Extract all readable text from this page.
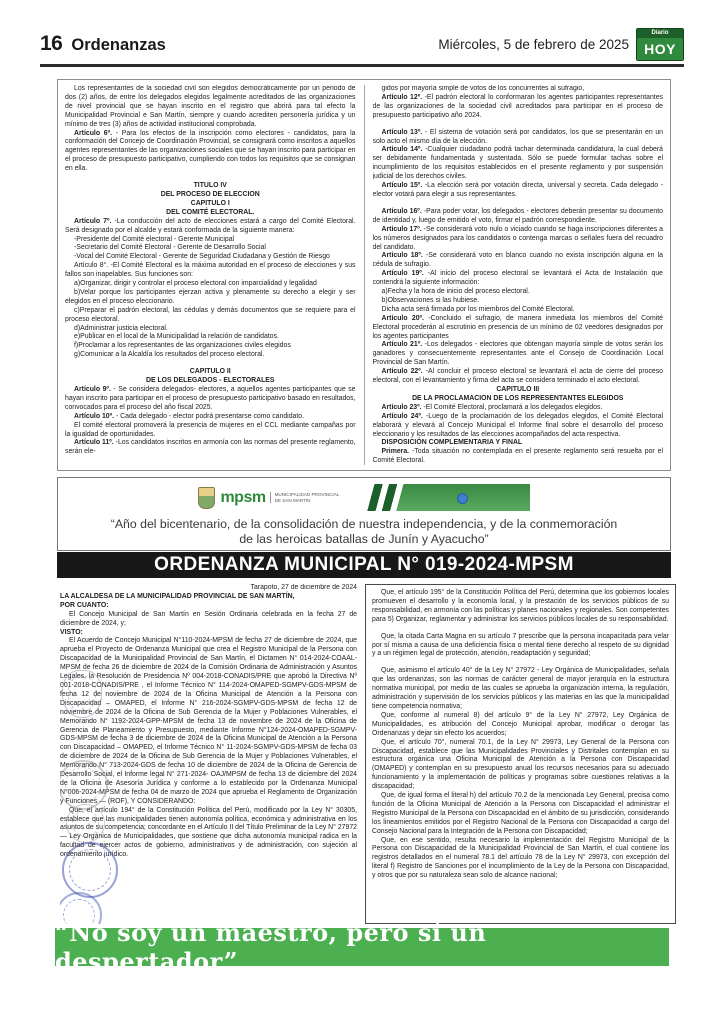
16 Ordenanzas	Miércoles, 5 de febrero de 2025
Diario
HOY

Los representantes de la sociedad civil son elegidos democráticamente por un periodo de dos (2) años, de entre los delegados elegidos legalmente acreditados de las organizaciones de nivel provincial que se hayan inscrito en el registro que abrirá para tal efecto la Municipalidad Provincial e San Martín, siempre y cuando acrediten personería jurídica y un mínimo de tres (3) años de actividad institucional comprobada.

Artículo 6º. - Para los efectos de la inscripción como electores - candidatos, para la conformación del Concejo de Coordinación Provincial, se consignará como inscritos a aquellos agentes representantes de las organizaciones sociales que se hayan inscrito para participar en el proceso de presupuesto participativo, cumpliendo con todos los requisitos que se consignan en ella.

TITULO IV

DEL PROCESO DE ELECCION

CAPITULO I

DEL COMITÉ ELECTORAL.

Artículo 7º. -La conducción del acto de elecciones estará a cargo del Comité Electoral. Será designado por el alcalde y estará conformada de la siguiente manera:

-Presidente del Comité electoral - Gerente Municipal

-Secretario del Comité Electoral - Gerente de Desarrollo Social

-Vocal del Comité Electoral - Gerente de Seguridad Ciudadana y Gestión de Riesgo

Artículo 8°. -El Comité Electoral es la máxima autoridad en el proceso de elecciones y sus fallos son inapelables. Sus funciones son:

a)Organizar, dirigir y controlar el proceso electoral con imparcialidad y legalidad

b)Velar porque los participantes ejerzan activa y plenamente su derecho a elegir y ser elegidos en el proceso eleccionario.

c)Preparar el padrón electoral, las cédulas y demás documentos que se requiere para el proceso electoral.

d)Administrar justicia electoral.

e)Publicar en el local de la Municipalidad la relación de candidatos.

f)Proclamar a los representantes de las organizaciones civiles elegidos

g)Comunicar a la Alcaldía los resultados del proceso electoral.

CAPITULO II

DE LOS DELEGADOS - ELECTORALES

Artículo 9º. - Se considera delegados- electores, a aquellos agentes participantes que se hayan inscrito para participar en el proceso de presupuesto participativo basado en resultados, convocados para el proceso del año fiscal 2025.

Artículo 10º. - Cada delegado - elector podrá presentarse como candidato.

El comité electoral promoverá la presencia de mujeres en el CCL mediante campañas por la igualdad de oportunidades.

Artículo 11º. -Los candidatos inscritos en armonía con las normas del presente reglamento, serán ele-

gidos por mayoría simple de votos de los concurrentes al sufragio,

Artículo 12º. -El padrón electoral lo conformaran los agentes participantes representantes de las organizaciones de la sociedad civil acreditados para participar en el proceso de presupuesto participativo año 2024.

Artículo 13º. - El sistema de votación será por candidatos, los que se presentarán en un solo acto el mismo día de la elección.

Artículo 14º. -Cualquier ciudadano podrá tachar determinada candidatura, la cual deberá ser debidamente fundamentada y sustentada. Sólo se puede formular tachas sobre el incumplimiento de los requisitos establecidos en el presente reglamento y por suspensión judicial de los derechos civiles.

Artículo 15º. -La elección será por votación directa, universal y secreta. Cada delegado - elector votará para elegir a sus representantes.

Artículo 16º. -Para poder votar, los delegados - electores deberán presentar su documento de identidad y, luego de emitido el voto, firmar el padrón correspondiente.

Artículo 17º. -Se considerará voto nulo o viciado cuando se haga inscripciones diferentes a los números designados para los candidatos o contenga marcas o señales fuera del recuadro del candidato.

Artículo 18º. -Se considerará voto en blanco cuando no exista inscripción alguna en la cédula de sufragio.

Artículo 19º. -Al inicio del proceso electoral se levantará el Acta de Instalación que contendrá la siguiente información:

a)Fecha y la hora de inicio del proceso electoral.

b)Observaciones si las hubiese.

Dicha acta será firmada por los miembros del Comité Electoral.

Artículo 20º. -Concluido el sufragio, de manera inmediata los miembros del Comité Electoral procederán al escrutinio en presencia de un mínimo de 02 veedores designados por los agentes participantes

Artículo 21º. -Los delegados - electores que obtengan mayoría simple de votos serán los ganadores y consecuentemente representantes ante el Consejo de Coordinación Local Provincial de San Martín.

Artículo 22º. -Al concluir el proceso electoral se levantará el acta de cierre del proceso electoral, con el levantamiento y firma del acta se considera terminado el acto electoral.

CAPITULO III

DE LA PROCLAMACION DE LOS REPRESENTANTES ELEGIDOS

Artículo 23º. -El Comité Electoral, proclamará a los delegados elegidos.

Artículo 24º. -Luego de la proclamación de los delegados elegidos, el Comité Electoral elaborará y elevará al Concejo Municipal el Informe final sobre el desarrollo del proceso eleccionario y los resultados de las elecciones acompañados del acta respectiva.

DISPOSICIÓN COMPLEMENTARIA Y FINAL

Primera. -Toda situación no contemplada en el presente reglamento será resuelta por el Comité Electoral.

mpsm	MUNICIPALIDAD PROVINCIAL DE SAN MARTÍN
“Año del bicentenario, de la consolidación de nuestra independencia, y de la conmemoración
de las heroicas batallas de Junín y Ayacucho”
ORDENANZA MUNICIPAL N° 019-2024-MPSM

Tarapoto, 27 de diciembre de 2024

LA ALCALDESA DE LA MUNICIPALIDAD PROVINCIAL DE SAN MARTÍN,

POR CUANTO:

El Concejo Municipal de San Martín en Sesión Ordinaria celebrada en la fecha 27 de diciembre de 2024, y;

VISTO:

El Acuerdo de Concejo Municipal N°110-2024-MPSM de fecha 27 de diciembre de 2024, que aprueba el Proyecto de Ordenanza Municipal que crea el Registro Municipal de la Persona con Discapacidad de la Municipalidad Provincial de San Martín, el Dictamen N° 014-2024-COAAL-MPSM de fecha 26 de diciembre de 2024 de la Comisión Ordinaria de Administración y Asuntos Legales, la Resolución de Presidencia Nº 004-2018-CONADIS/PRE que aprobó la Directiva Nº 001-2018-CONADIS/PRE , el Informe Técnico N° 114-2024-OMAPED-SGMPV-GDS-MPSM de fecha 12 de noviembre de 2024 de la Oficina Municipal de Atención a la Persona con Discapacidad – OMAPED, el Informe N° 216-2024-SGMPV-GDS-MPSM de fecha 12 de noviembre de 2024 de la Oficina de Sub Gerencia de la Mujer y Poblaciones Vulnerables, el Memorando N° 1192-2024-GPP-MPSM de fecha 13 de noviembre de 2024 de la Oficina de Gerencia de Planeamiento y Presupuesto, mediante Informe N°124-2024-OMAPED-SGMPV-GDS-MPSM de fecha 3 de diciembre de 2024 de la Oficina Municipal de Atención a la Persona con Discapacidad – OMAPED, el Informe Técnico N° 11-2024-SGMPV-GDS-MPSM de fecha 03 de diciembre de 2024 de la Oficina de Sub Gerencia de la Mujer y Poblaciones Vulnerables, el Memorando N° 713-2024-GDS de fecha 10 de diciembre de 2024 de la Oficina de Gerencia de Desarrollo Social, el Informe legal N° 271-2024- OAJ/MPSM de fecha 13 de diciembre del 2024 de la Oficina de Asesoría Jurídica y conforme a lo establecido por la Ordenanza Municipal N°006-2024-MPSM de fecha 04 de marzo de 2024 que aprueba el Reglamento de Organización y Funciones — (ROF), Y CONSIDERANDO:

Que, el artículo 194° de la Constitución Política del Perú, modificado por la Ley N° 30305, establece que las municipalidades tienen autonomía política, económica y administrativa en los asuntos de su competencia; concordante en el Artículo II del Título Preliminar de la Ley N° 27972 — Ley Orgánica de Municipalidades, que sostiene que dicha autonomía municipal radica en la facultad de ejercer actos de gobierno, administrativos y de administración, con sujeción al ordenamiento jurídico.

Que, el artículo 195° de la Constitución Política del Perú, determina que los gobiernos locales promueven el desarrollo y la economía local, y la prestación de los servicios públicos de su responsabilidad, en armonía con las políticas y planes nacionales y regionales. Son competentes para 5) Organizar, reglamentar y administrar los servicios públicos locales de su responsabilidad.

Que, la citada Carta Magna en su artículo 7 prescribe que la persona incapacitada para velar por sí misma a causa de una deficiencia física o mental tiene derecho al respeto de su dignidad y a un régimen legal de protección, atención, readaptación y seguridad;

Que, asimismo el artículo 40° de la Ley N° 27972 - Ley Orgánica de Municipalidades, señala que las ordenanzas, son las normas de carácter general de mayor jerarquía en la estructura normativa municipal, por medio de las cuales se aprueba la organización interna, la regulación, administración y supervisión de los servicios públicos y las materias en las que la municipalidad tiene competencia normativa;

Que, conforme al numeral 8) del artículo 9° de la Ley N° 27972, Ley Orgánica de Municipalidades, es atribución del Concejo Municipal aprobar, modificar o derogar las Ordenanzas y dejar sin efecto los acuerdos;

Que, el artículo 70°, numeral 70.1, de la Ley N° 29973, Ley General de la Persona con Discapacidad, establece que las Municipalidades Provinciales y Distritales contemplan en su estructura orgánica una Oficina Municipal de Atención a la Persona con Discapacidad (OMAPED) y contemplan en su presupuesto anual los recursos necesarios para su adecuado funcionamiento y la implementación de políticas y programas sobre cuestiones relativas a la discapacidad;

Que, de igual forma el literal h) del artículo 70.2 de la mencionada Ley General, precisa como función de la Oficina Municipal de Atención a la Persona con Discapacidad el administrar el Registro Municipal de la Persona con Discapacidad en el ámbito de su jurisdicción, considerando los lineamientos emitidos por el Registro Nacional de la Persona con Discapacidad a cargo del Consejo Nacional para la Integración de la Persona con Discapacidad;

Que, en ese sentido, resulta necesario la implementación del Registro Municipal de la Persona con Discapacidad de la Municipalidad Provincial de San Martín, el cual contiene los registros detallados en el numeral 78.1 del artículo 78 de la Ley N° 29973, con excepción del literal f) Registro de Sanciones por el incumplimiento de la Ley de la Persona con Discapacidad, y otros que por su naturaleza sean solo de alcance nacional;

“No soy un maestro, pero sí un despertador”
